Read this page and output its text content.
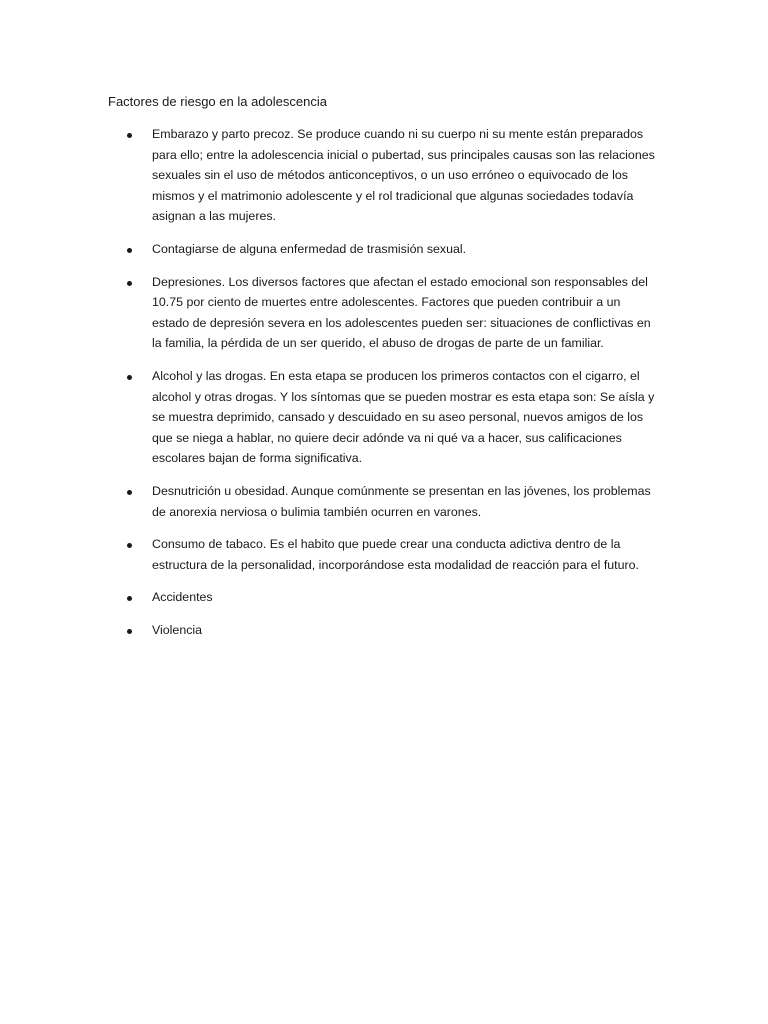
Factores de riesgo en la adolescencia

Embarazo y parto precoz. Se produce cuando ni su cuerpo ni su mente están preparados para ello; entre la adolescencia inicial o pubertad, sus principales causas son las relaciones sexuales sin el uso de métodos anticonceptivos, o un uso erróneo o equivocado de los mismos y el matrimonio adolescente y el rol tradicional que algunas sociedades todavía asignan a las mujeres.
Contagiarse de alguna enfermedad de trasmisión sexual.
Depresiones. Los diversos factores que afectan el estado emocional son responsables del 10.75 por ciento de muertes entre adolescentes. Factores que pueden contribuir a un estado de depresión severa en los adolescentes pueden ser: situaciones de conflictivas en la familia, la pérdida de un ser querido, el abuso de drogas de parte de un familiar.
Alcohol y las drogas. En esta etapa se producen los primeros contactos con el cigarro, el alcohol y otras drogas. Y los síntomas que se pueden mostrar es esta etapa son: Se aísla y se muestra deprimido, cansado y descuidado en su aseo personal, nuevos amigos de los que se niega a hablar, no quiere decir adónde va ni qué va a hacer, sus calificaciones escolares bajan de forma significativa.
Desnutrición u obesidad. Aunque comúnmente se presentan en las jóvenes, los problemas de anorexia nerviosa o bulimia también ocurren en varones.
Consumo de tabaco. Es el habito que puede crear una conducta adictiva dentro de la estructura de la personalidad, incorporándose esta modalidad de reacción para el futuro.
Accidentes
Violencia
